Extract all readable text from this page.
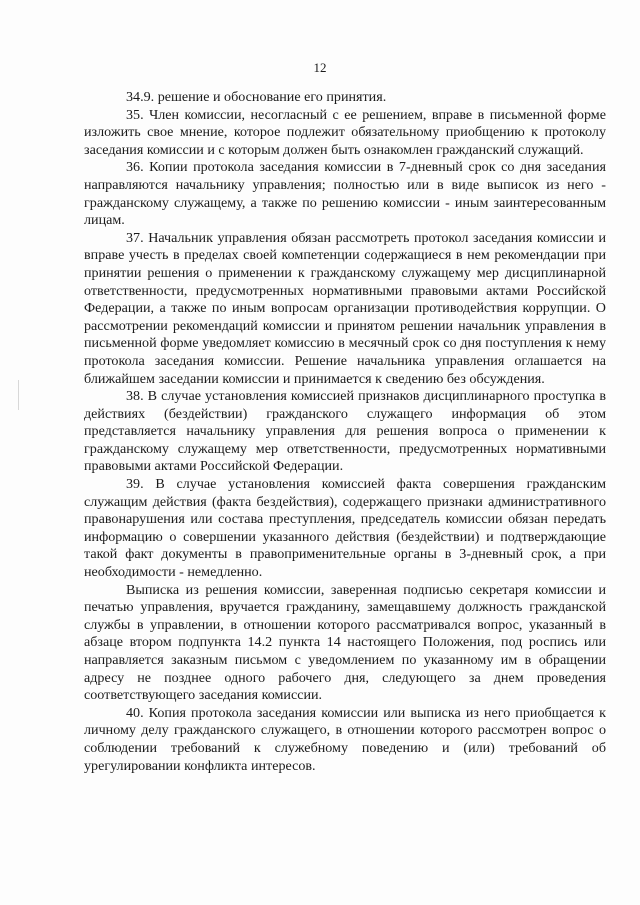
12

34.9. решение и обоснование его принятия.

35. Член комиссии, несогласный с ее решением, вправе в письменной форме изложить свое мнение, которое подлежит обязательному приобщению к протоколу заседания комиссии и с которым должен быть ознакомлен гражданский служащий.

36. Копии протокола заседания комиссии в 7-дневный срок со дня заседания направляются начальнику управления; полностью или в виде выписок из него - гражданскому служащему, а также по решению комиссии - иным заинтересованным лицам.

37. Начальник управления обязан рассмотреть протокол заседания комиссии и вправе учесть в пределах своей компетенции содержащиеся в нем рекомендации при принятии решения о применении к гражданскому служащему мер дисциплинарной ответственности, предусмотренных нормативными правовыми актами Российской Федерации, а также по иным вопросам организации противодействия коррупции. О рассмотрении рекомендаций комиссии и принятом решении начальник управления в письменной форме уведомляет комиссию в месячный срок со дня поступления к нему протокола заседания комиссии. Решение начальника управления оглашается на ближайшем заседании комиссии и принимается к сведению без обсуждения.

38. В случае установления комиссией признаков дисциплинарного проступка в действиях (бездействии) гражданского служащего информация об этом представляется начальнику управления для решения вопроса о применении к гражданскому служащему мер ответственности, предусмотренных нормативными правовыми актами Российской Федерации.

39. В случае установления комиссией факта совершения гражданским служащим действия (факта бездействия), содержащего признаки административного правонарушения или состава преступления, председатель комиссии обязан передать информацию о совершении указанного действия (бездействии) и подтверждающие такой факт документы в правоприменительные органы в 3-дневный срок, а при необходимости - немедленно.

Выписка из решения комиссии, заверенная подписью секретаря комиссии и печатью управления, вручается гражданину, замещавшему должность гражданской службы в управлении, в отношении которого рассматривался вопрос, указанный в абзаце втором подпункта 14.2 пункта 14 настоящего Положения, под роспись или направляется заказным письмом с уведомлением по указанному им в обращении адресу не позднее одного рабочего дня, следующего за днем проведения соответствующего заседания комиссии.

40. Копия протокола заседания комиссии или выписка из него приобщается к личному делу гражданского служащего, в отношении которого рассмотрен вопрос о соблюдении требований к служебному поведению и (или) требований об урегулировании конфликта интересов.
